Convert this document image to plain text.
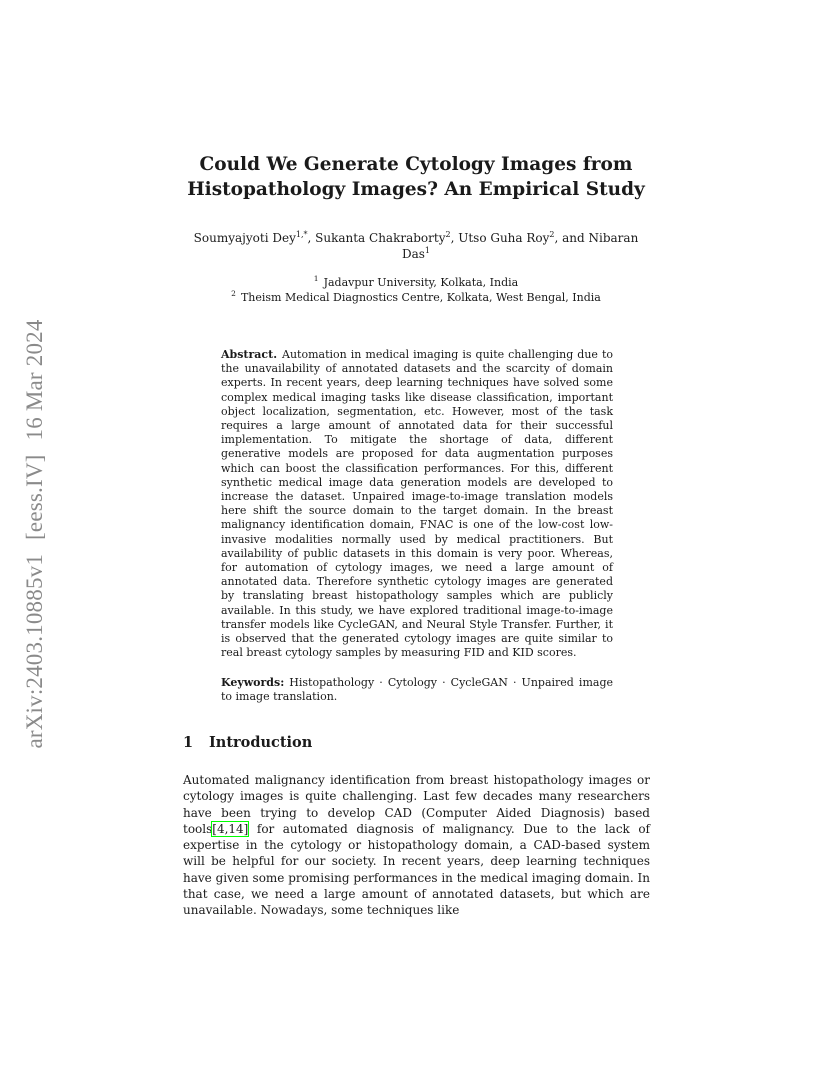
arXiv:2403.10885v1[eess.IV]16 Mar 2024
Could We Generate Cytology Images from
Histopathology Images? An Empirical Study
Soumyajyoti Dey$^{1,*}$, Sukanta Chakraborty$^2$, Utso Guha Roy$^2$, and Nibaran Das$^1$
$^1$ Jadavpur University, Kolkata, India
$^2$ Theism Medical Diagnostics Centre, Kolkata, West Bengal, India
Abstract. Automation in medical imaging is quite challenging due to the unavailability of annotated datasets and the scarcity of domain experts. In recent years, deep learning techniques have solved some complex medical imaging tasks like disease classification, important object localization, segmentation, etc. However, most of the task requires a large amount of annotated data for their successful implementation. To mitigate the shortage of data, different generative models are proposed for data augmentation purposes which can boost the classification performances. For this, different synthetic medical image data generation models are developed to increase the dataset. Unpaired image-to-image translation models here shift the source domain to the target domain. In the breast malignancy identification domain, FNAC is one of the low-cost low-invasive modalities normally used by medical practitioners. But availability of public datasets in this domain is very poor. Whereas, for automation of cytology images, we need a large amount of annotated data. Therefore synthetic cytology images are generated by translating breast histopathology samples which are publicly available. In this study, we have explored traditional image-to-image transfer models like CycleGAN, and Neural Style Transfer. Further, it is observed that the generated cytology images are quite similar to real breast cytology samples by measuring FID and KID scores.
Keywords: Histopathology · Cytology · CycleGAN · Unpaired image to image translation.
1 Introduction
Automated malignancy identification from breast histopathology images or cytology images is quite challenging. Last few decades many researchers have been trying to develop CAD (Computer Aided Diagnosis) based tools[4,14] for automated diagnosis of malignancy. Due to the lack of expertise in the cytology or histopathology domain, a CAD-based system will be helpful for our society. In recent years, deep learning techniques have given some promising performances in the medical imaging domain. In that case, we need a large amount of annotated datasets, but which are unavailable. Nowadays, some techniques like
